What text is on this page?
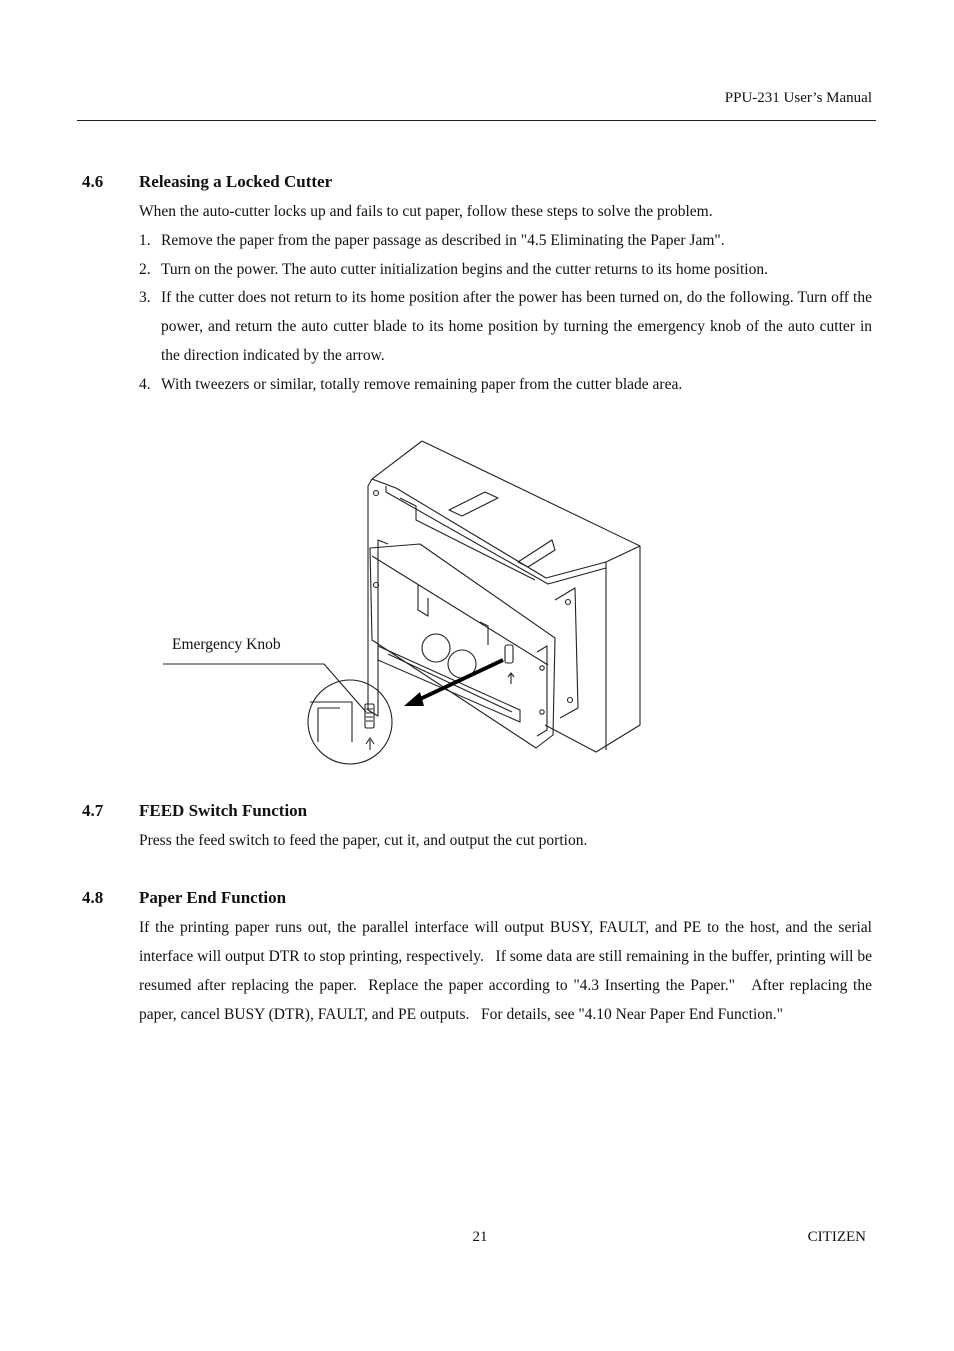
PPU-231 User’s Manual
4.6 Releasing a Locked Cutter
When the auto-cutter locks up and fails to cut paper, follow these steps to solve the problem.
1. Remove the paper from the paper passage as described in "4.5 Eliminating the Paper Jam".
2. Turn on the power. The auto cutter initialization begins and the cutter returns to its home position.
3. If the cutter does not return to its home position after the power has been turned on, do the following. Turn off the power, and return the auto cutter blade to its home position by turning the emergency knob of the auto cutter in the direction indicated by the arrow.
4. With tweezers or similar, totally remove remaining paper from the cutter blade area.
Emergency Knob
4.7 FEED Switch Function
Press the feed switch to feed the paper, cut it, and output the cut portion.
4.8 Paper End Function
If the printing paper runs out, the parallel interface will output BUSY, FAULT, and PE to the host, and the serial interface will output DTR to stop printing, respectively.   If some data are still remaining in the buffer, printing will be resumed after replacing the paper.  Replace the paper according to "4.3 Inserting the Paper."   After replacing the paper, cancel BUSY (DTR), FAULT, and PE outputs.   For details, see "4.10 Near Paper End Function."
21	CITIZEN
